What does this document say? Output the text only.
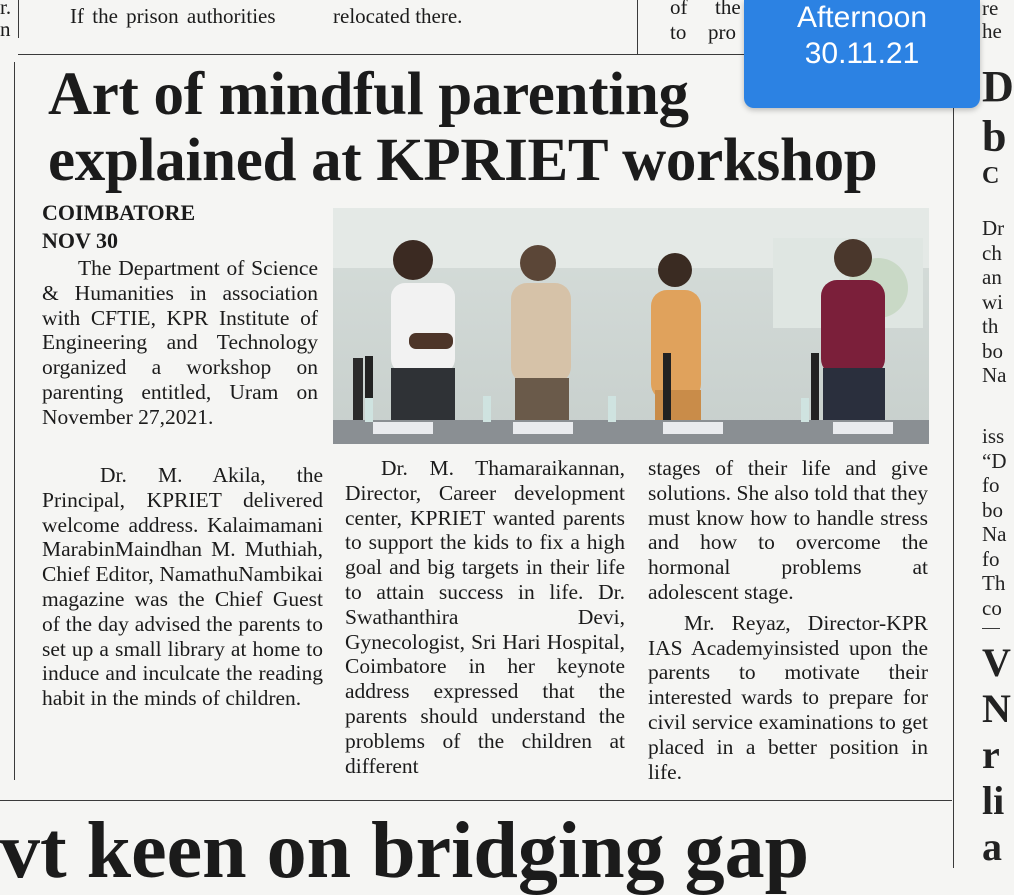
r.
n
If the prison authorities	relocated there.	of the
to pro	Afternoon
30.11.21
Art of mindful parenting
explained at KPRIET workshop
COIMBATORE
NOV 30

The Department of Science & Humanities in association with CFTIE, KPR Institute of Engineering and Technology organized a workshop on parenting entitled, Uram on November 27,2021.

Dr. M. Akila, the Principal, KPRIET delivered welcome address. Kalaimamani MarabinMaindhan M. Muthiah, Chief Editor, NamathuNambikai magazine was the Chief Guest of the day advised the parents to set up a small library at home to induce and inculcate the reading habit in the minds of children.

Dr. M. Thamaraikannan, Director, Career development center, KPRIET wanted parents to support the kids to fix a high goal and big targets in their life to attain success in life. Dr. Swathanthira Devi, Gynecologist, Sri Hari Hospital, Coimbatore in her keynote address expressed that the parents should understand the problems of the children at different

stages of their life and give solutions. She also told that they must know how to handle stress and how to overcome the hormonal problems at adolescent stage.

Mr. Reyaz, Director-KPR IAS Academyinsisted upon the parents to motivate their interested wards to prepare for civil service examinations to get placed in a better position in life.

re
he
D
b
C
Dr
ch
an
wi
th
bo
Na
iss
“D
fo
bo
Na
fo
Th
co
V
N
r
li
a
vt keen on bridging gap
